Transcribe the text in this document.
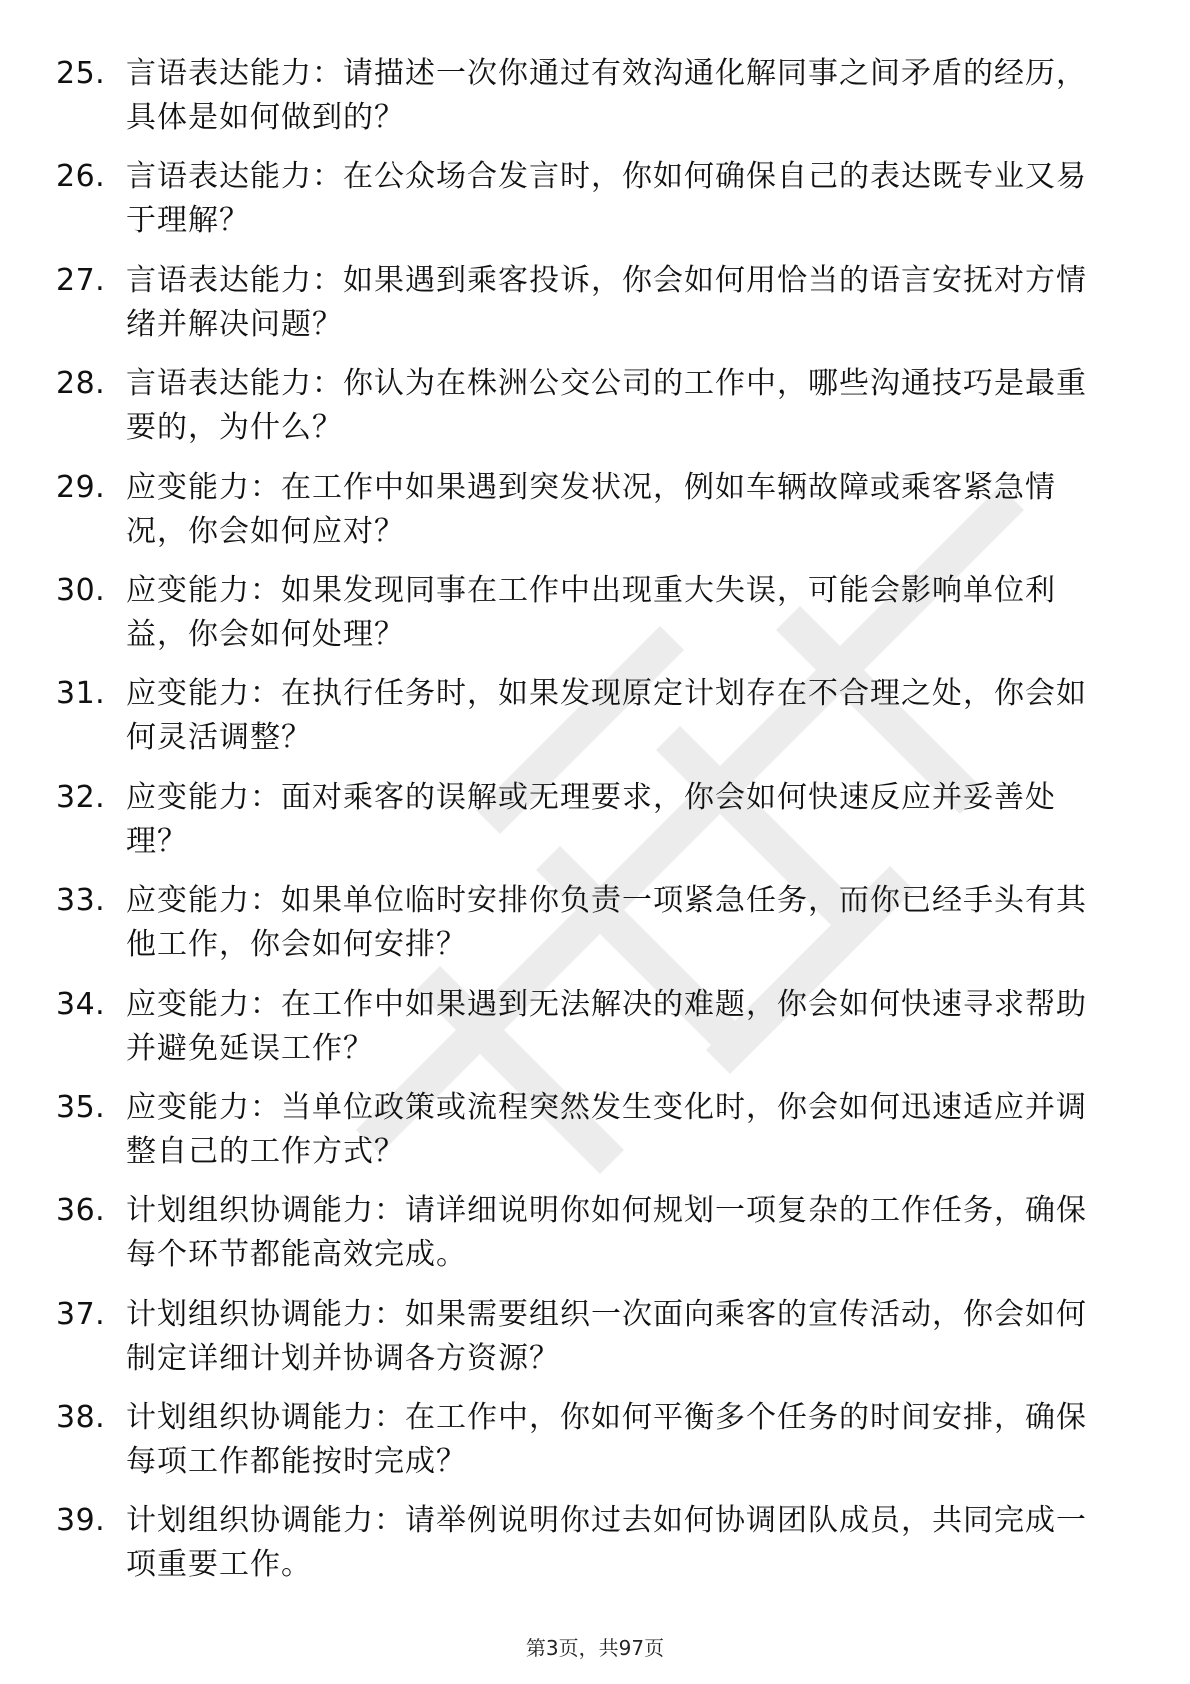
25. 言语表达能力：请描述一次你通过有效沟通化解同事之间矛盾的经历，具体是如何做到的？
26. 言语表达能力：在公众场合发言时，你如何确保自己的表达既专业又易于理解？
27. 言语表达能力：如果遇到乘客投诉，你会如何用恰当的语言安抚对方情绪并解决问题？
28. 言语表达能力：你认为在株洲公交公司的工作中，哪些沟通技巧是最重要的，为什么？
29. 应变能力：在工作中如果遇到突发状况，例如车辆故障或乘客紧急情况，你会如何应对？
30. 应变能力：如果发现同事在工作中出现重大失误，可能会影响单位利益，你会如何处理？
31. 应变能力：在执行任务时，如果发现原定计划存在不合理之处，你会如何灵活调整？
32. 应变能力：面对乘客的误解或无理要求，你会如何快速反应并妥善处理？
33. 应变能力：如果单位临时安排你负责一项紧急任务，而你已经手头有其他工作，你会如何安排？
34. 应变能力：在工作中如果遇到无法解决的难题，你会如何快速寻求帮助并避免延误工作？
35. 应变能力：当单位政策或流程突然发生变化时，你会如何迅速适应并调整自己的工作方式？
36. 计划组织协调能力：请详细说明你如何规划一项复杂的工作任务，确保每个环节都能高效完成。
37. 计划组织协调能力：如果需要组织一次面向乘客的宣传活动，你会如何制定详细计划并协调各方资源？
38. 计划组织协调能力：在工作中，你如何平衡多个任务的时间安排，确保每项工作都能按时完成？
39. 计划组织协调能力：请举例说明你过去如何协调团队成员，共同完成一项重要工作。
第3页，共97页
